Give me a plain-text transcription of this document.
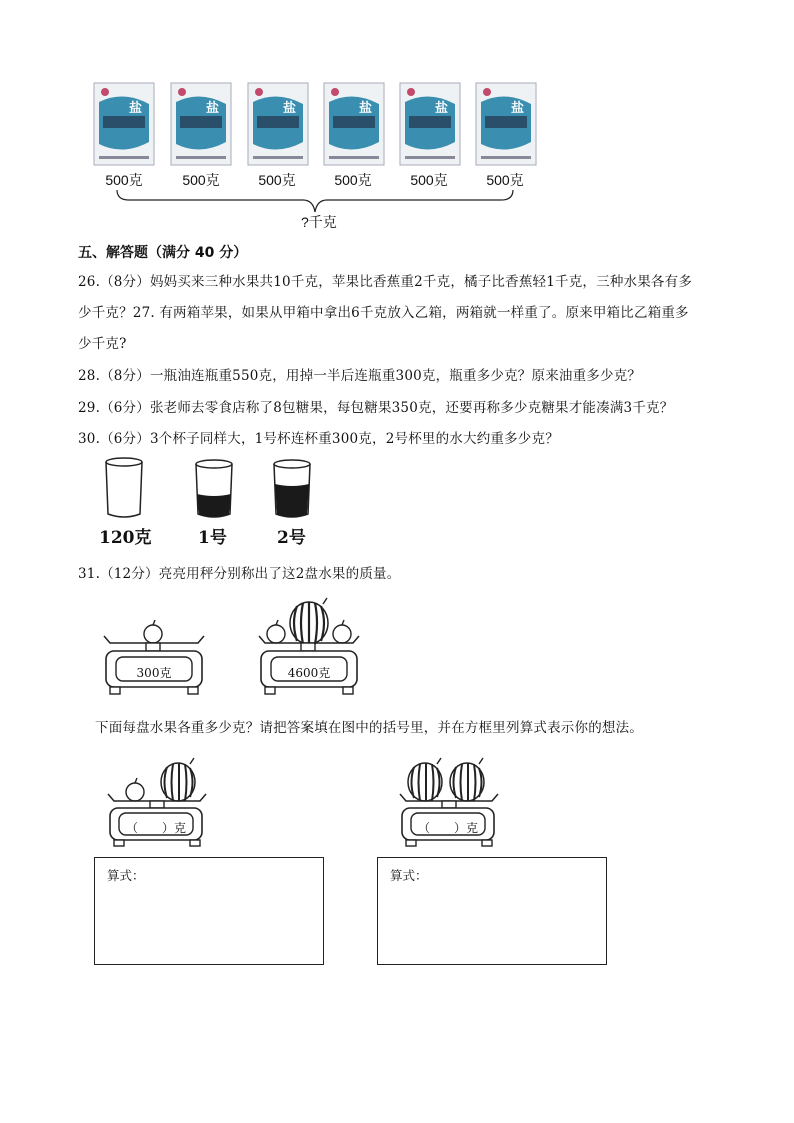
盐	盐	盐	盐	盐	盐
500克	500克	500克	500克	500克	500克
?千克
五、解答题（满分 40 分）
26.（8分）妈妈买来三种水果共10千克，苹果比香蕉重2千克，橘子比香蕉轻1千克，三种水果各有多
少千克？27. 有两箱苹果，如果从甲箱中拿出6千克放入乙箱，两箱就一样重了。原来甲箱比乙箱重多
少千克?
28.（8分）一瓶油连瓶重550克，用掉一半后连瓶重300克，瓶重多少克？原来油重多少克？
29.（6分）张老师去零食店称了8包糖果，每包糖果350克，还要再称多少克糖果才能凑满3千克？
30.（6分）3个杯子同样大，1号杯连杯重300克，2号杯里的水大约重多少克？
120克	1号	2号
31.（12分）亮亮用秤分别称出了这2盘水果的质量。
300克	4600克
下面每盘水果各重多少克？请把答案填在图中的括号里，并在方框里列算式表示你的想法。
（　　）克	（　　）克
算式：	算式：
